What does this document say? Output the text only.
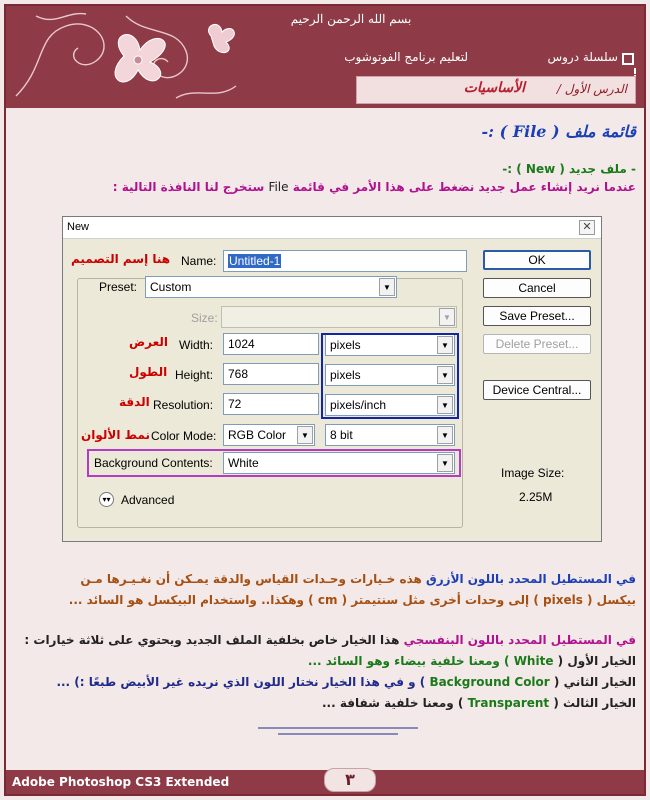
بسم الله الرحمن الرحيم
سلسلة دروس
لتعليم برنامج الفوتوشوب
الدرس الأول /
الأساسيات
قائمة ملف ( File ) :-
- ملف جديد ( New ) :-
عندما نريد إنشاء عمل جديد نضغط على هذا الأمر في قائمة File ستخرج لنا النافذة التالية :
New	✕
هنا إسم التصميم Name:	Untitled-1
Preset:	Custom	▼
Size:	▼
العرض Width:	1024	pixels	▼
الطول Height:	768	pixels	▼
الدقة Resolution:	72	pixels/inch	▼
نمط الألوان Color Mode: RGB Color	▼	8 bit	▼
Background Contents:	White	▼
▾▾ Advanced
OK
Cancel
Save Preset...
Delete Preset...
Device Central...
Image Size:
2.25M
في المستطيل المحدد باللون الأزرق هذه خـيارات وحـدات القياس والدقة يمـكن أن نغـيـرها مـن
بيكسل ( pixels ) إلى وحدات أخرى مثل سنتيمتر ( cm ) وهكذا.. واستخدام البيكسل هو السائد ...
في المستطيل المحدد باللون البنفسجي هذا الخيار خاص بخلفية الملف الجديد ويحتوي على ثلاثة خيارات :
الخيار الأول ( White ) ومعنا خلفية بيضاء وهو السائد ...
الخيار الثاني ( Background Color ) و في هذا الخيار نختار اللون الذي نريده غير الأبيض طبعًا :) ...
الخيار الثالث ( Transparent ) ومعنا خلفية شفافة ...
Adobe Photoshop CS3 Extended	٣
